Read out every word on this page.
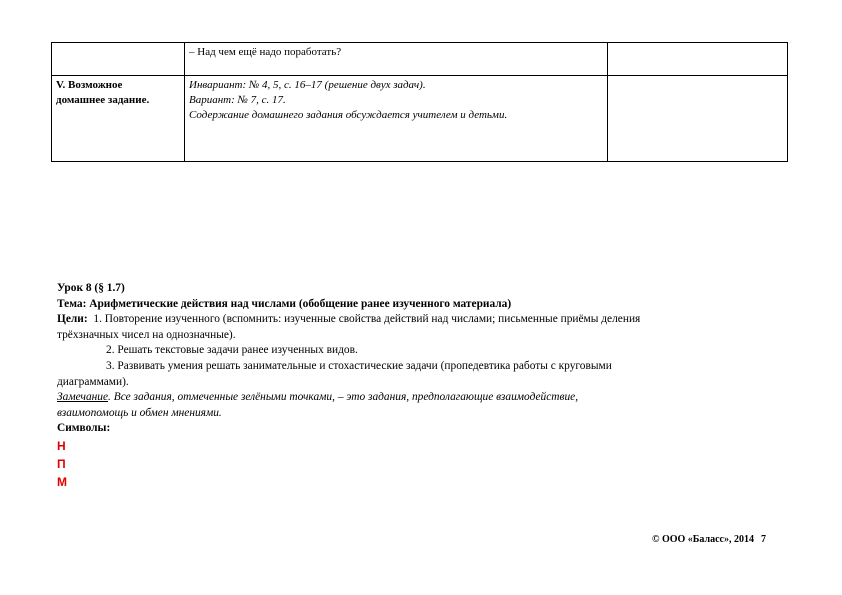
	– Над чем ещё надо поработать?	

V. Возможное
домашнее задание.	Инвариант: № 4, 5, с. 16–17 (решение двух задач).
Вариант: № 7, с. 17.
Содержание домашнего задания обсуждается учителем и детьми.	

Урок 8 (§ 1.7)
Тема: Арифметические действия над числами (обобщение ранее изученного материала)
Цели: 1. Повторение изученного (вспомнить: изученные свойства действий над числами; письменные приёмы деления
трёхзначных чисел на однозначные).
2. Решать текстовые задачи ранее изученных видов.
3. Развивать умения решать занимательные и стохастические задачи (пропедевтика работы с круговыми
диаграммами).
Замечание. Все задания, отмеченные зелёными точками, – это задания, предполагающие взаимодействие,
взаимопомощь и обмен мнениями.
Символы:
Н
П
М
© ООО «Баласс», 2014 7
